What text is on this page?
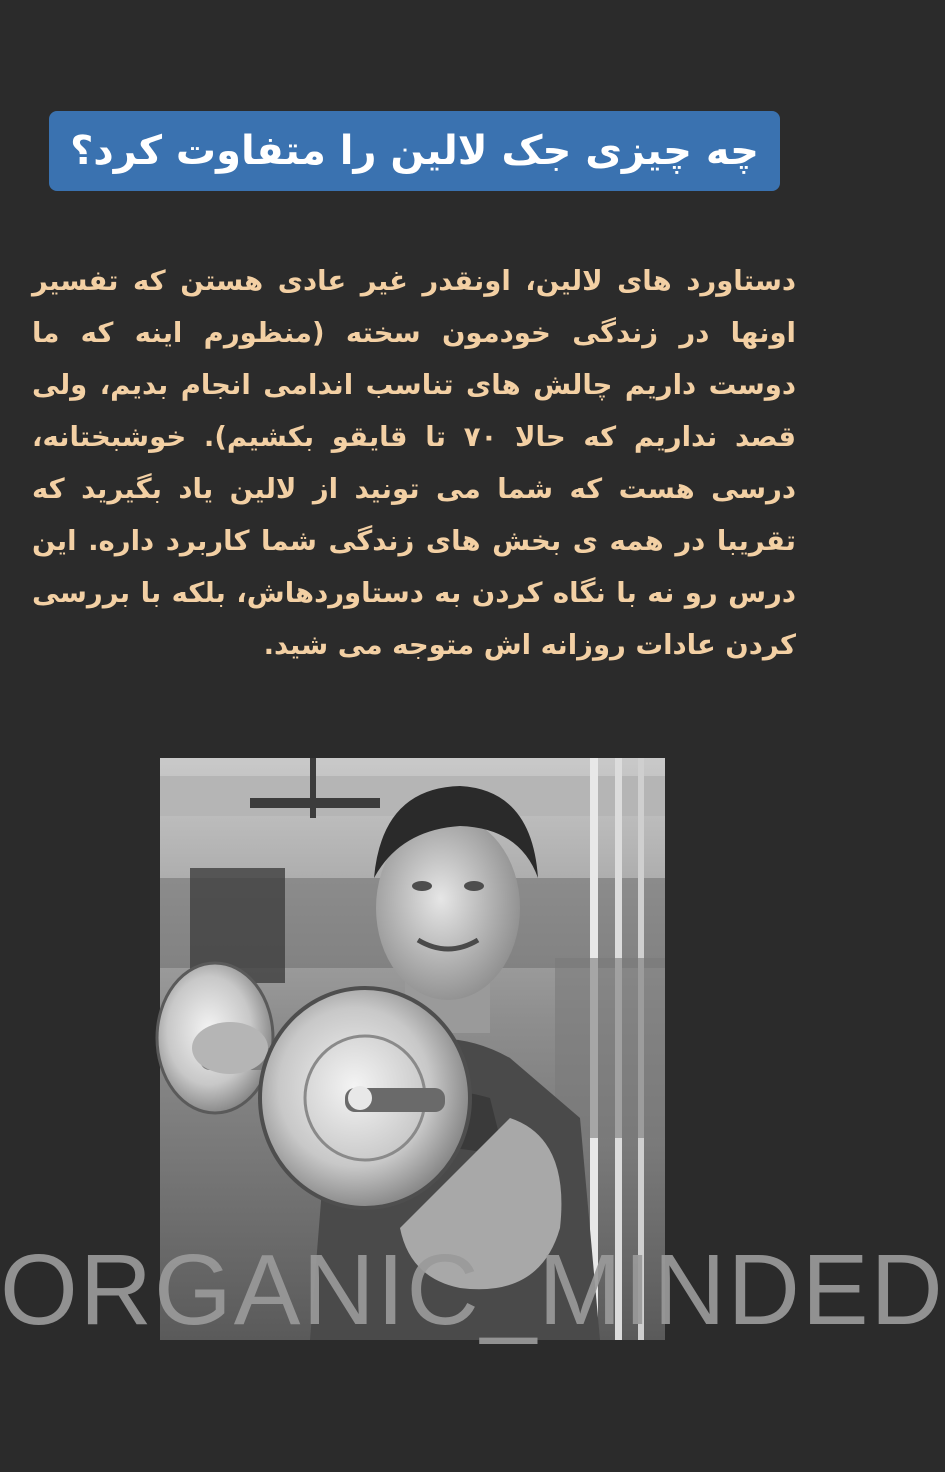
چه چیزی جک لالین را متفاوت کرد؟

دستاورد های لالین، اونقدر غیر عادی هستن که تفسیر اونها در زندگی خودمون سخته (منظورم اینه که ما دوست داریم چالش های تناسب اندامی انجام بدیم، ولی قصد نداریم که حالا ۷۰ تا قایقو بکشیم). خوشبختانه، درسی هست که شما می تونید از لالین یاد بگیرید که تقریبا در همه ی بخش های زندگی شما کاربرد داره. این درس رو نه با نگاه کردن به دستاوردهاش، بلکه با بررسی کردن عادات روزانه اش متوجه می شید.

ORGANIC_MINDED
